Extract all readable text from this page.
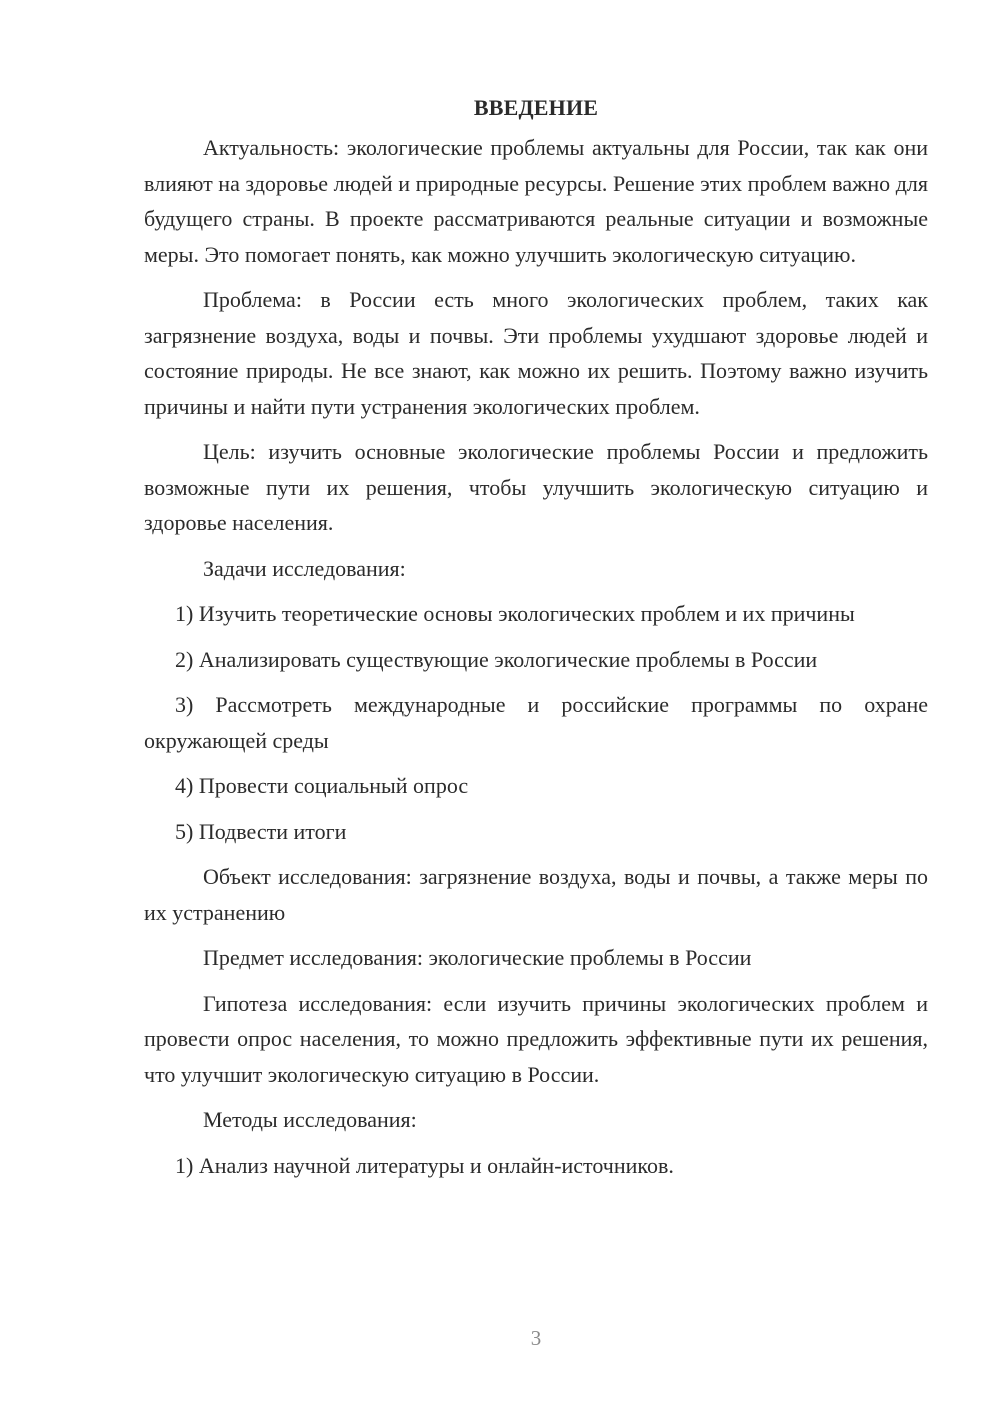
ВВЕДЕНИЕ

Актуальность: экологические проблемы актуальны для России, так как они влияют на здоровье людей и природные ресурсы. Решение этих проблем важно для будущего страны. В проекте рассматриваются реальные ситуации и возможные меры. Это помогает понять, как можно улучшить экологическую ситуацию.

Проблема: в России есть много экологических проблем, таких как загрязнение воздуха, воды и почвы. Эти проблемы ухудшают здоровье людей и состояние природы. Не все знают, как можно их решить. Поэтому важно изучить причины и найти пути устранения экологических проблем.

Цель: изучить основные экологические проблемы России и предложить возможные пути их решения, чтобы улучшить экологическую ситуацию и здоровье населения.

Задачи исследования:

1) Изучить теоретические основы экологических проблем и их причины

2) Анализировать существующие экологические проблемы в России

3) Рассмотреть международные и российские программы по охране окружающей среды

4) Провести социальный опрос

5) Подвести итоги

Объект исследования: загрязнение воздуха, воды и почвы, а также меры по их устранению

Предмет исследования: экологические проблемы в России

Гипотеза исследования: если изучить причины экологических проблем и провести опрос населения, то можно предложить эффективные пути их решения, что улучшит экологическую ситуацию в России.

Методы исследования:

1) Анализ научной литературы и онлайн-источников.

3
